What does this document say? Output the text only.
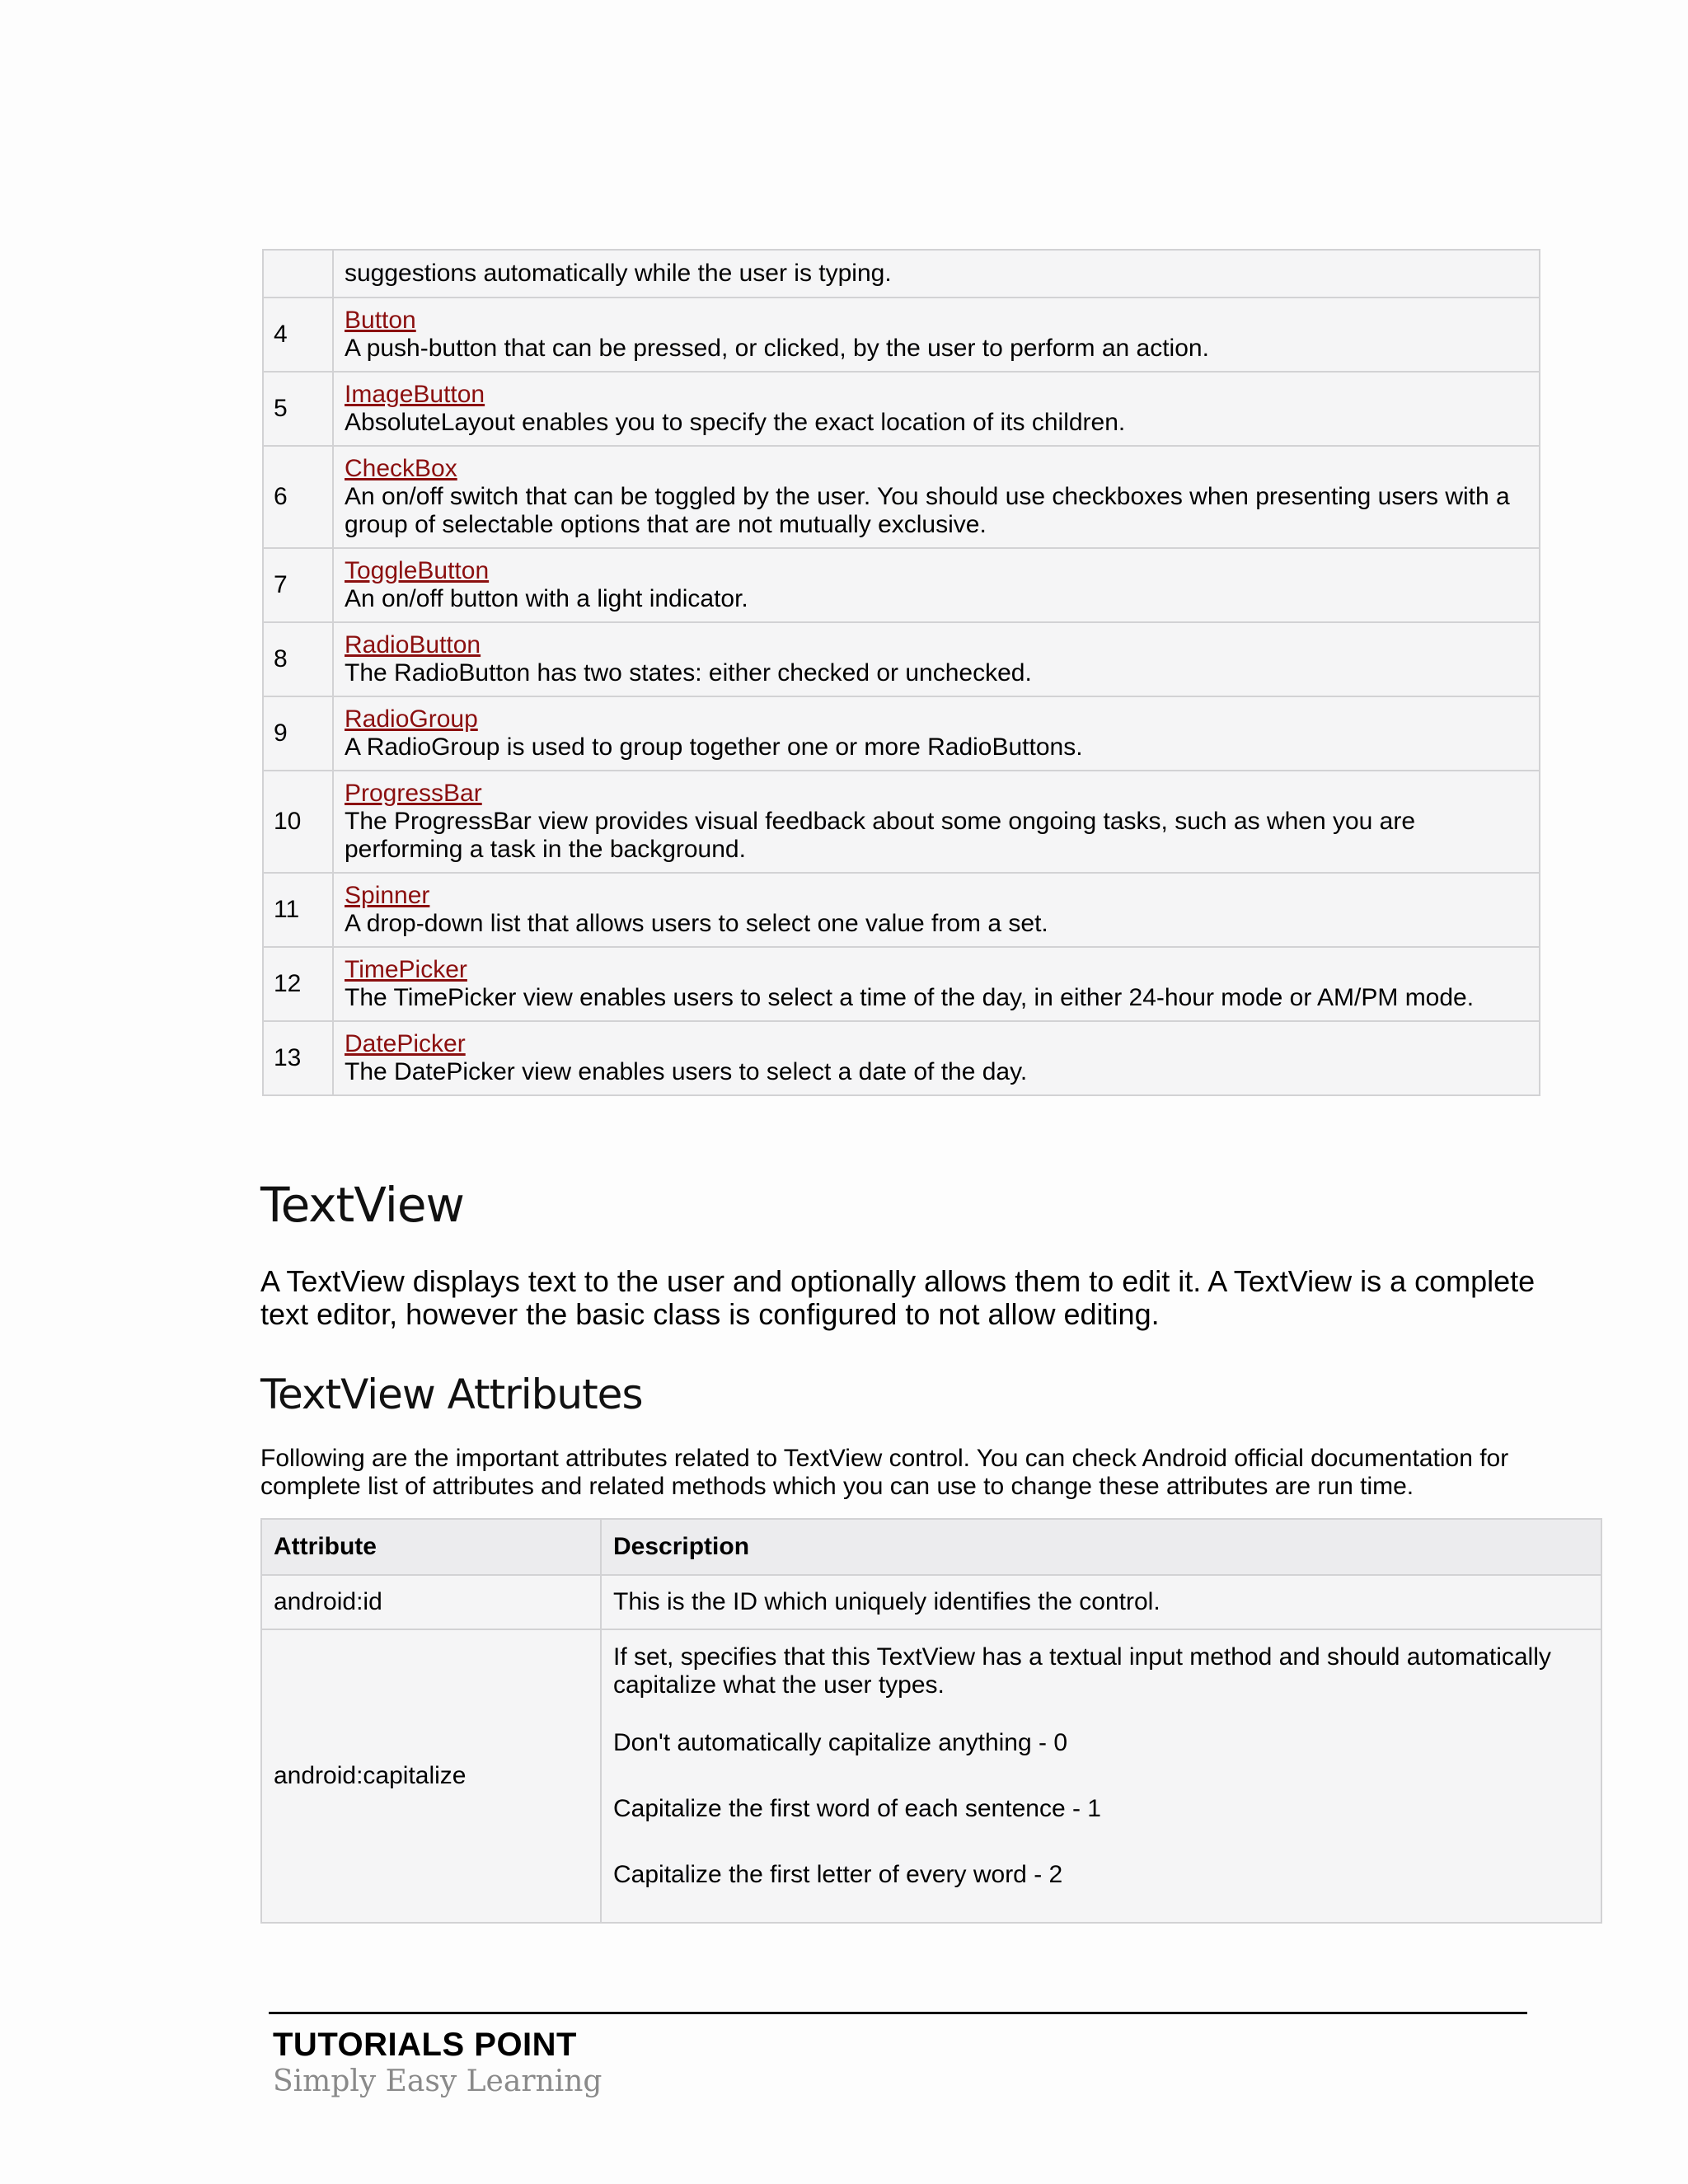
	suggestions automatically while the user is typing.
4	Button
A push-button that can be pressed, or clicked, by the user to perform an action.

5	ImageButton
AbsoluteLayout enables you to specify the exact location of its children.

6	CheckBox
An on/off switch that can be toggled by the user. You should use checkboxes when presenting users with a group of selectable options that are not mutually exclusive.

7	ToggleButton
An on/off button with a light indicator.

8	RadioButton
The RadioButton has two states: either checked or unchecked.

9	RadioGroup
A RadioGroup is used to group together one or more RadioButtons.

10	ProgressBar
The ProgressBar view provides visual feedback about some ongoing tasks, such as when you are performing a task in the background.

11	Spinner
A drop-down list that allows users to select one value from a set.

12	TimePicker
The TimePicker view enables users to select a time of the day, in either 24-hour mode or AM/PM mode.

13	DatePicker
The DatePicker view enables users to select a date of the day.
TextView

A TextView displays text to the user and optionally allows them to edit it. A TextView is a complete text editor, however the basic class is configured to not allow editing.

TextView Attributes

Following are the important attributes related to TextView control. You can check Android official documentation for complete list of attributes and related methods which you can use to change these attributes are run time.

Attribute	Description
android:id	This is the ID which uniquely identifies the control.
android:capitalize	If set, specifies that this TextView has a textual input method and should automatically capitalize what the user types.
Don't automatically capitalize anything - 0
Capitalize the first word of each sentence - 1
Capitalize the first letter of every word - 2
TUTORIALS POINT
Simply Easy Learning
